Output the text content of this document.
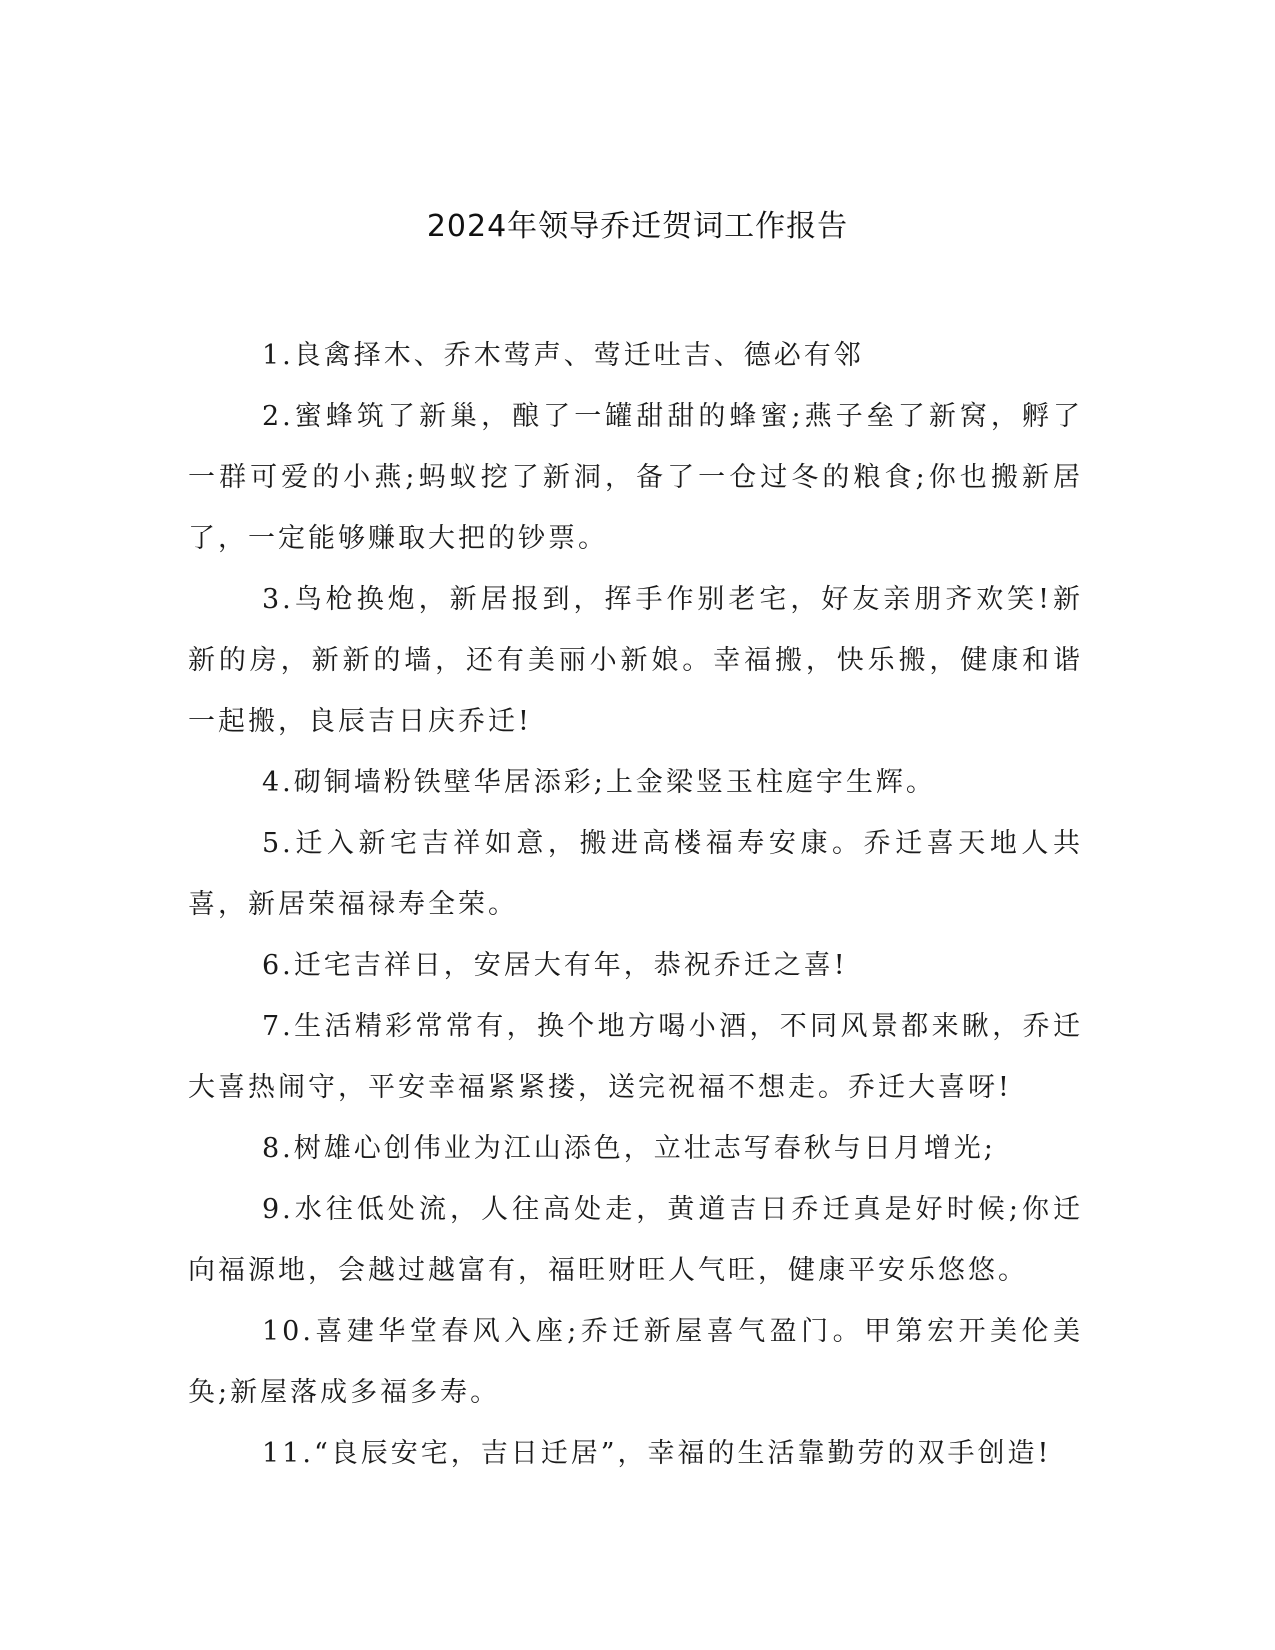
2024年领导乔迁贺词工作报告

1.良禽择木、乔木莺声、莺迁吐吉、德必有邻

2.蜜蜂筑了新巢，酿了一罐甜甜的蜂蜜;燕子垒了新窝，孵了一群可爱的小燕;蚂蚁挖了新洞，备了一仓过冬的粮食;你也搬新居了，一定能够赚取大把的钞票。

3.鸟枪换炮，新居报到，挥手作别老宅，好友亲朋齐欢笑!新新的房，新新的墙，还有美丽小新娘。幸福搬，快乐搬，健康和谐一起搬，良辰吉日庆乔迁!

4.砌铜墙粉铁壁华居添彩;上金梁竖玉柱庭宇生辉。

5.迁入新宅吉祥如意，搬进高楼福寿安康。乔迁喜天地人共喜，新居荣福禄寿全荣。

6.迁宅吉祥日，安居大有年，恭祝乔迁之喜!

7.生活精彩常常有，换个地方喝小酒，不同风景都来瞅，乔迁大喜热闹守，平安幸福紧紧搂，送完祝福不想走。乔迁大喜呀!

8.树雄心创伟业为江山添色，立壮志写春秋与日月增光;

9.水往低处流，人往高处走，黄道吉日乔迁真是好时候;你迁向福源地，会越过越富有，福旺财旺人气旺，健康平安乐悠悠。

10.喜建华堂春风入座;乔迁新屋喜气盈门。甲第宏开美伦美奂;新屋落成多福多寿。

11.“良辰安宅，吉日迁居”，幸福的生活靠勤劳的双手创造!
